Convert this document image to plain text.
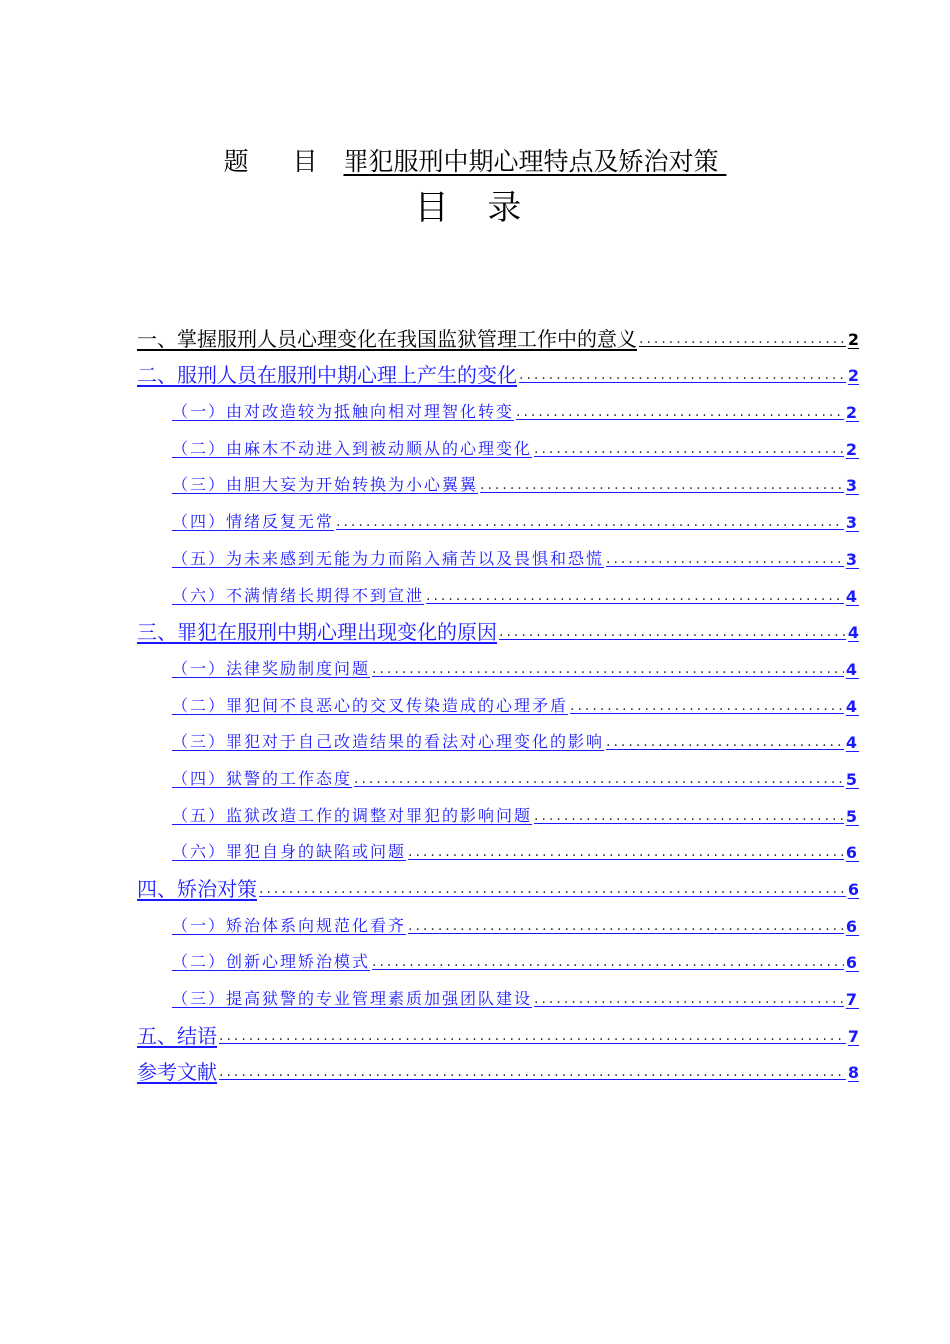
题 目 罪犯服刑中期心理特点及矫治对策
目 录
一、掌握服刑人员心理变化在我国监狱管理工作中的意义 .....	2
二、服刑人员在服刑中期心理上产生的变化 .....	2
（一）由对改造较为抵触向相对理智化转变 .....	2
（二）由麻木不动进入到被动顺从的心理变化 .....	2
（三）由胆大妄为开始转换为小心翼翼 .....	3
（四）情绪反复无常 .....	3
（五）为未来感到无能为力而陷入痛苦以及畏惧和恐慌 .....	3
（六）不满情绪长期得不到宣泄 .....	4
三、罪犯在服刑中期心理出现变化的原因 .....	4
（一）法律奖励制度问题 .....	4
（二）罪犯间不良恶心的交叉传染造成的心理矛盾 .....	4
（三）罪犯对于自己改造结果的看法对心理变化的影响 .....	4
（四）狱警的工作态度 .....	5
（五）监狱改造工作的调整对罪犯的影响问题 .....	5
（六）罪犯自身的缺陷或问题 .....	6
四、矫治对策 .....	6
（一）矫治体系向规范化看齐 .....	6
（二）创新心理矫治模式 .....	6
（三）提高狱警的专业管理素质加强团队建设 .....	7
五、结语 .....	7
参考文献 .....	8
